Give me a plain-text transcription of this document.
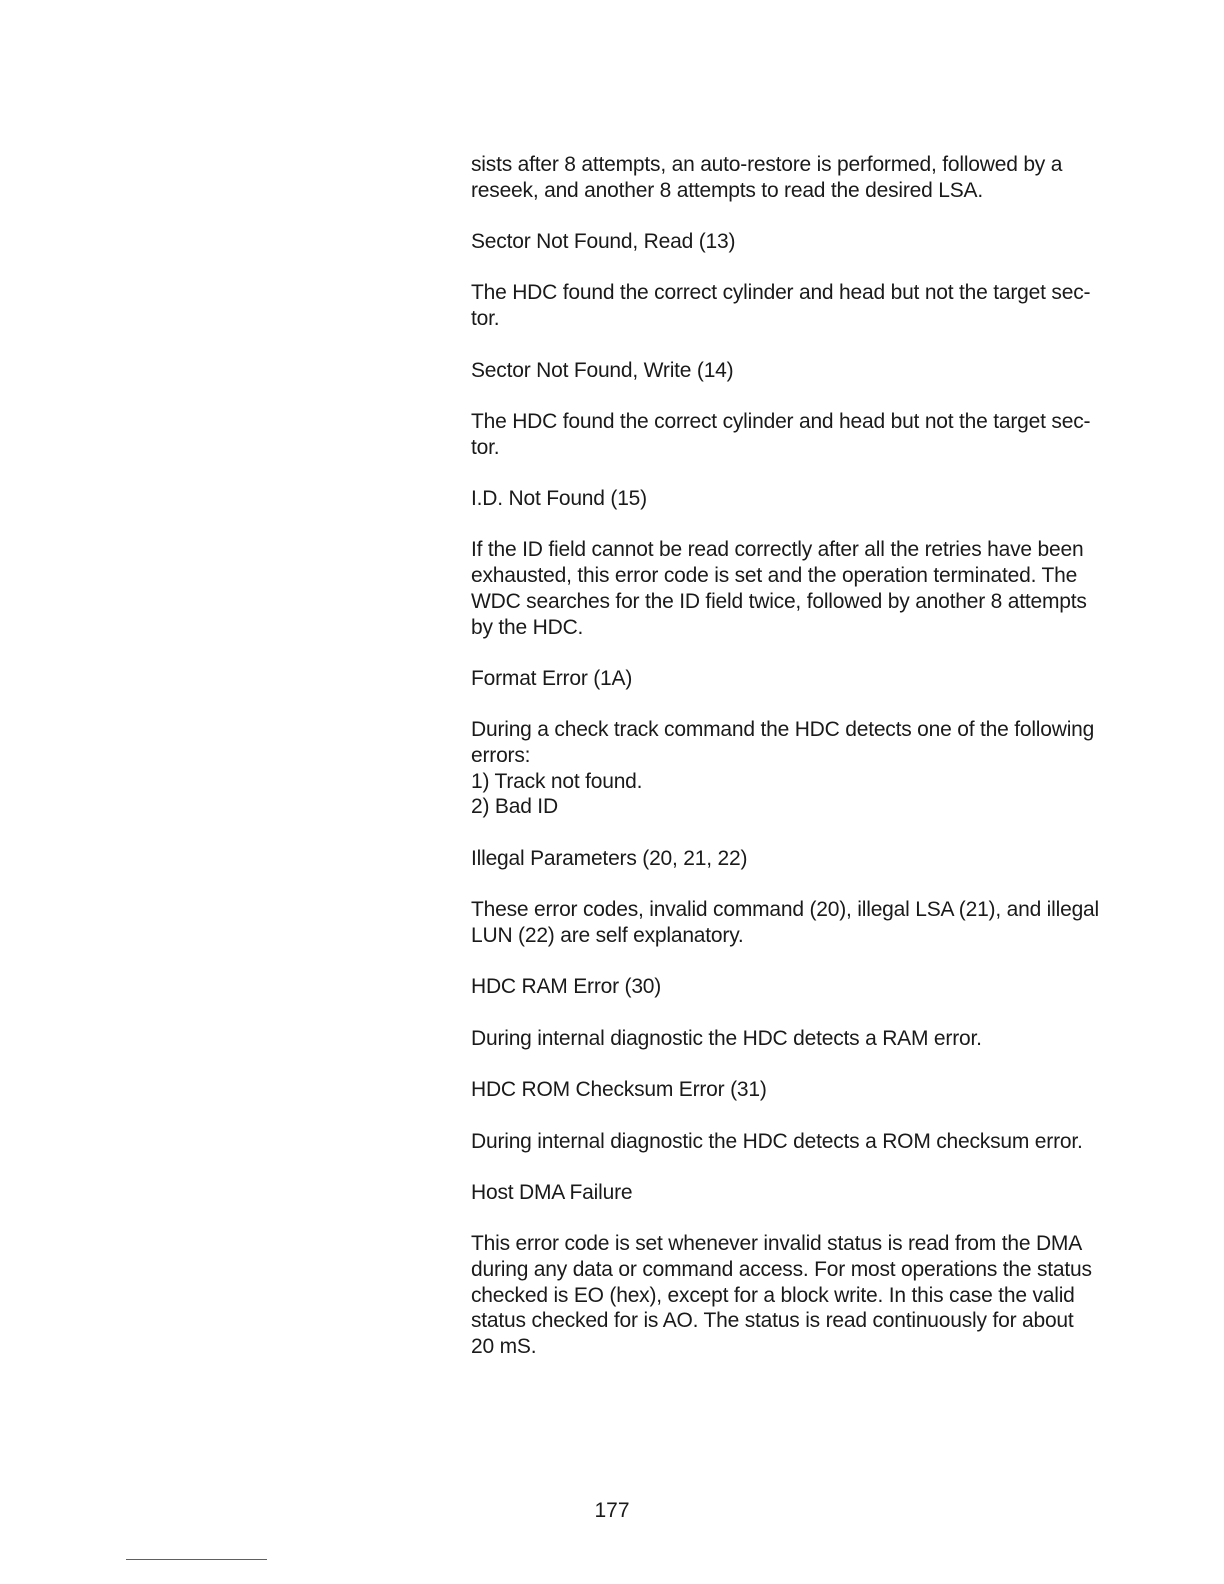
sists after 8 attempts, an auto-restore is performed, followed by a
reseek, and another 8 attempts to read the desired LSA.

Sector Not Found, Read (13)

The HDC found the correct cylinder and head but not the target sec-
tor.

Sector Not Found, Write (14)

The HDC found the correct cylinder and head but not the target sec-
tor.

I.D. Not Found (15)

If the ID field cannot be read correctly after all the retries have been
exhausted, this error code is set and the operation terminated. The
WDC searches for the ID field twice, followed by another 8 attempts
by the HDC.

Format Error (1A)

During a check track command the HDC detects one of the following
errors:
1) Track not found.
2) Bad ID

Illegal Parameters (20, 21, 22)

These error codes, invalid command (20), illegal LSA (21), and illegal
LUN (22) are self explanatory.

HDC RAM Error (30)

During internal diagnostic the HDC detects a RAM error.

HDC ROM Checksum Error (31)

During internal diagnostic the HDC detects a ROM checksum error.

Host DMA Failure

This error code is set whenever invalid status is read from the DMA
during any data or command access. For most operations the status
checked is EO (hex), except for a block write. In this case the valid
status checked for is AO. The status is read continuously for about
20 mS.

177
